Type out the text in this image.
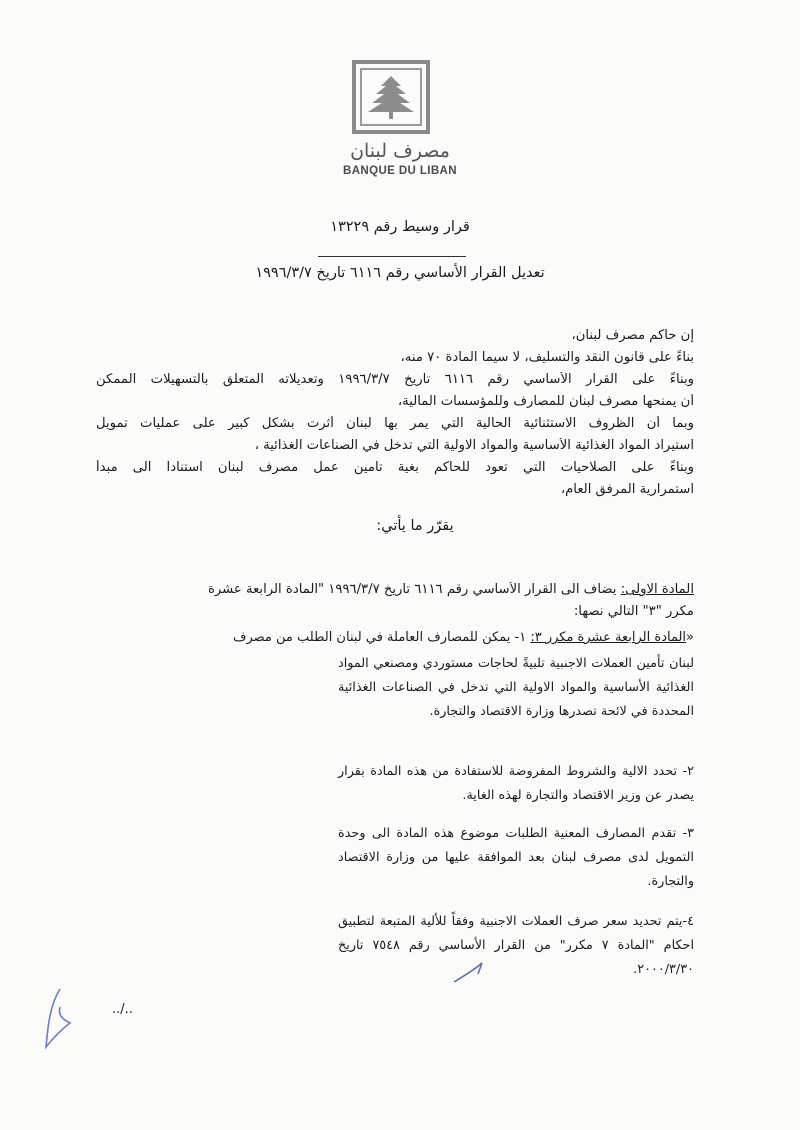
مصرف لبنان
BANQUE DU LIBAN
قرار وسيط رقم ١٣٢٢٩
تعديل القرار الأساسي رقم ٦١١٦ تاريخ ١٩٩٦/٣/٧
إن حاكم مصرف لبنان،
بناءً على قانون النقد والتسليف، لا سيما المادة ٧٠ منه،
وبناءً على القرار الأساسي رقم ٦١١٦ تاريخ ١٩٩٦/٣/٧ وتعديلاته المتعلق بالتسهيلات الممكن
أن يمنحها مصرف لبنان للمصارف وللمؤسسات المالية،
وبما أن الظروف الاستثنائية الحالية التي يمر بها لبنان أثرت بشكل كبير على عمليات تمويل
استيراد المواد الغذائية الأساسية والمواد الاولية التي تدخل في الصناعات الغذائية ،
وبناءً على الصلاحيات التي تعود للحاكم بغية تأمين عمل مصرف لبنان استناداً الى مبدأ
استمرارية المرفق العام،
يقرّر ما يأتي:
المادة الاولى: يضاف الى القرار الأساسي رقم ٦١١٦ تاريخ ١٩٩٦/٣/٧ "المادة الرابعة عشرة
مكرر "٣" التالي نصها:
«المادة الرابعة عشرة مكرر ٣: ١- يمكن للمصارف العاملة في لبنان الطلب من مصرف
لبنان تأمين العملات الاجنبية تلبيةً لحاجات مستوردي ومصنعي المواد الغذائية الأساسية والمواد الاولية التي تدخل في الصناعات الغذائية المحددة في لائحة تصدرها وزارة الاقتصاد والتجارة.
٢- تحدد الالية والشروط المفروضة للاستفادة من هذه المادة بقرار يصدر عن وزير الاقتصاد والتجارة لهذه الغاية.
٣- تقدم المصارف المعنية الطلبات موضوع هذه المادة الى وحدة التمويل لدى مصرف لبنان بعد الموافقة عليها من وزارة الاقتصاد والتجارة.
٤-يتم تحديد سعر صرف العملات الاجنبية وفقاً للألية المتبعة لتطبيق احكام "المادة ٧ مكرر" من القرار الأساسي رقم ٧٥٤٨ تاريخ ٢٠٠٠/٣/٣٠.
../..
